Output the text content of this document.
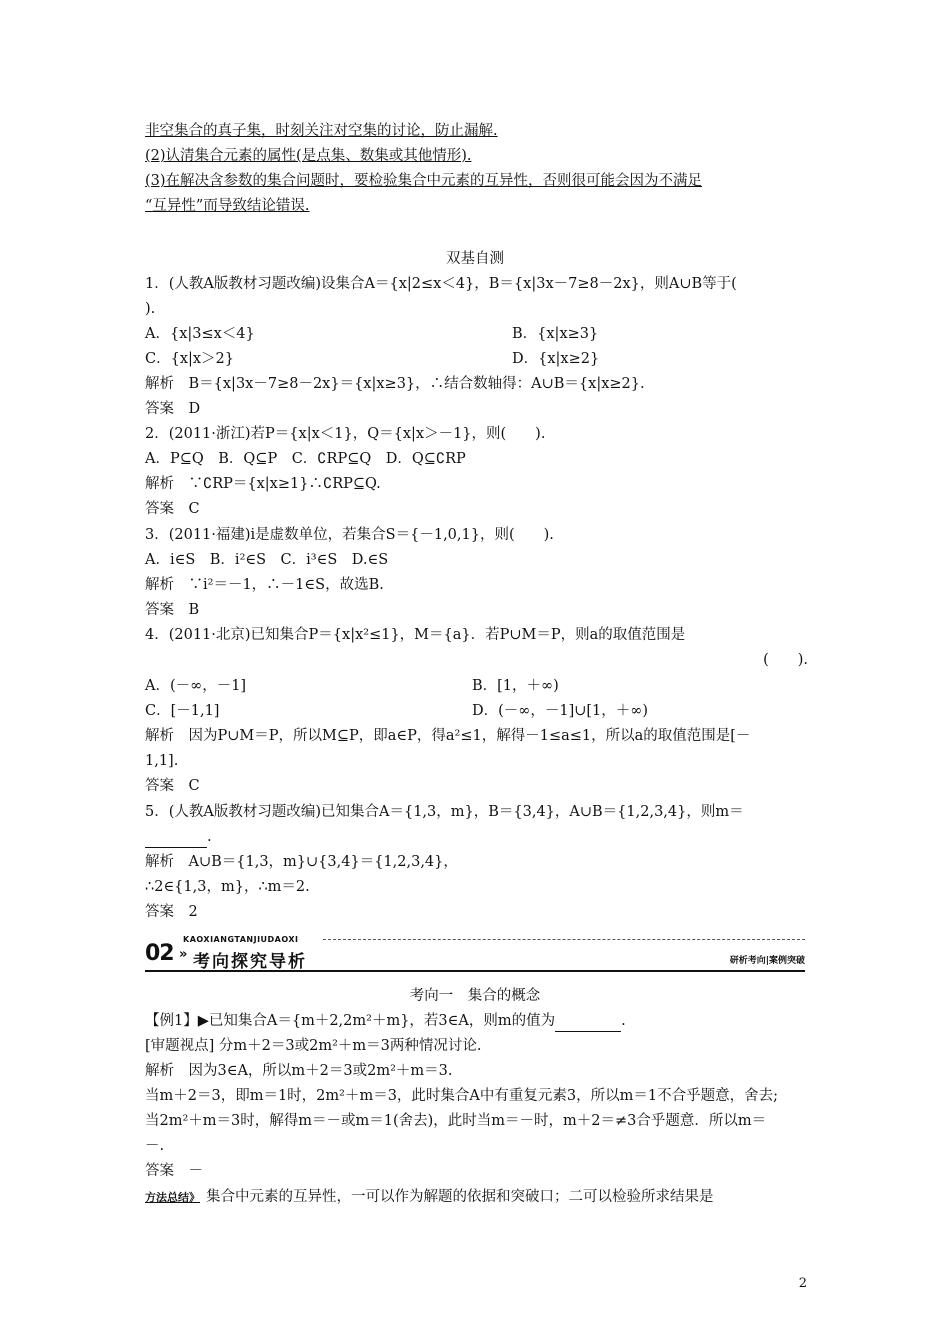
非空集合的真子集，时刻关注对空集的讨论，防止漏解.
(2)认清集合元素的属性(是点集、数集或其他情形).
(3)在解决含参数的集合问题时，要检验集合中元素的互异性，否则很可能会因为不满足
“互异性”而导致结论错误.
双基自测
1．(人教A版教材习题改编)设集合A＝{x|2≤x＜4}，B＝{x|3x－7≥8－2x}，则A∪B等于(
).
A．{x|3≤x＜4}	B．{x|x≥3}
C．{x|x＞2}	D．{x|x≥2}
解析　B＝{x|3x－7≥8－2x}＝{x|x≥3}，∴结合数轴得：A∪B＝{x|x≥2}.
答案　D
2．(2011·浙江)若P＝{x|x＜1}，Q＝{x|x＞－1}，则(　　).
A．P⊆Q　B．Q⊆P　C．∁RP⊆Q　D．Q⊆∁RP
解析　∵∁RP＝{x|x≥1}∴∁RP⊆Q.
答案　C
3．(2011·福建)i是虚数单位，若集合S＝{－1,0,1}，则(　　).
A．i∈S　B．i²∈S　C．i³∈S　D.∈S
解析　∵i²＝－1，∴－1∈S，故选B.
答案　B
4．(2011·北京)已知集合P＝{x|x²≤1}，M＝{a}．若P∪M＝P，则a的取值范围是
(　　).
A．(－∞，－1]	B．[1，＋∞)
C．[－1,1]	D．(－∞，－1]∪[1，＋∞)
解析　因为P∪M＝P，所以M⊆P，即a∈P，得a²≤1，解得－1≤a≤1，所以a的取值范围是[－
1,1].
答案　C
5．(人教A版教材习题改编)已知集合A＝{1,3，m}，B＝{3,4}，A∪B＝{1,2,3,4}，则m＝
.
解析　A∪B＝{1,3，m}∪{3,4}＝{1,2,3,4}，
∴2∈{1,3，m}，∴m＝2.
答案　2
02
KAOXIANGTANJIUDAOXI
» 考向探究导析	研析考向|案例突破
考向一　集合的概念
【例1】▶已知集合A＝{m＋2,2m²＋m}，若3∈A，则m的值为	.
[审题视点] 分m＋2＝3或2m²＋m＝3两种情况讨论.
解析　因为3∈A，所以m＋2＝3或2m²＋m＝3.
当m＋2＝3，即m＝1时，2m²＋m＝3，此时集合A中有重复元素3，所以m＝1不合乎题意，舍去;
当2m²＋m＝3时，解得m＝－或m＝1(舍去)，此时当m＝－时，m＋2＝≠3合乎题意．所以m＝
－.
答案　－
方法总结》 集合中元素的互异性，一可以作为解题的依据和突破口；二可以检验所求结果是
2
